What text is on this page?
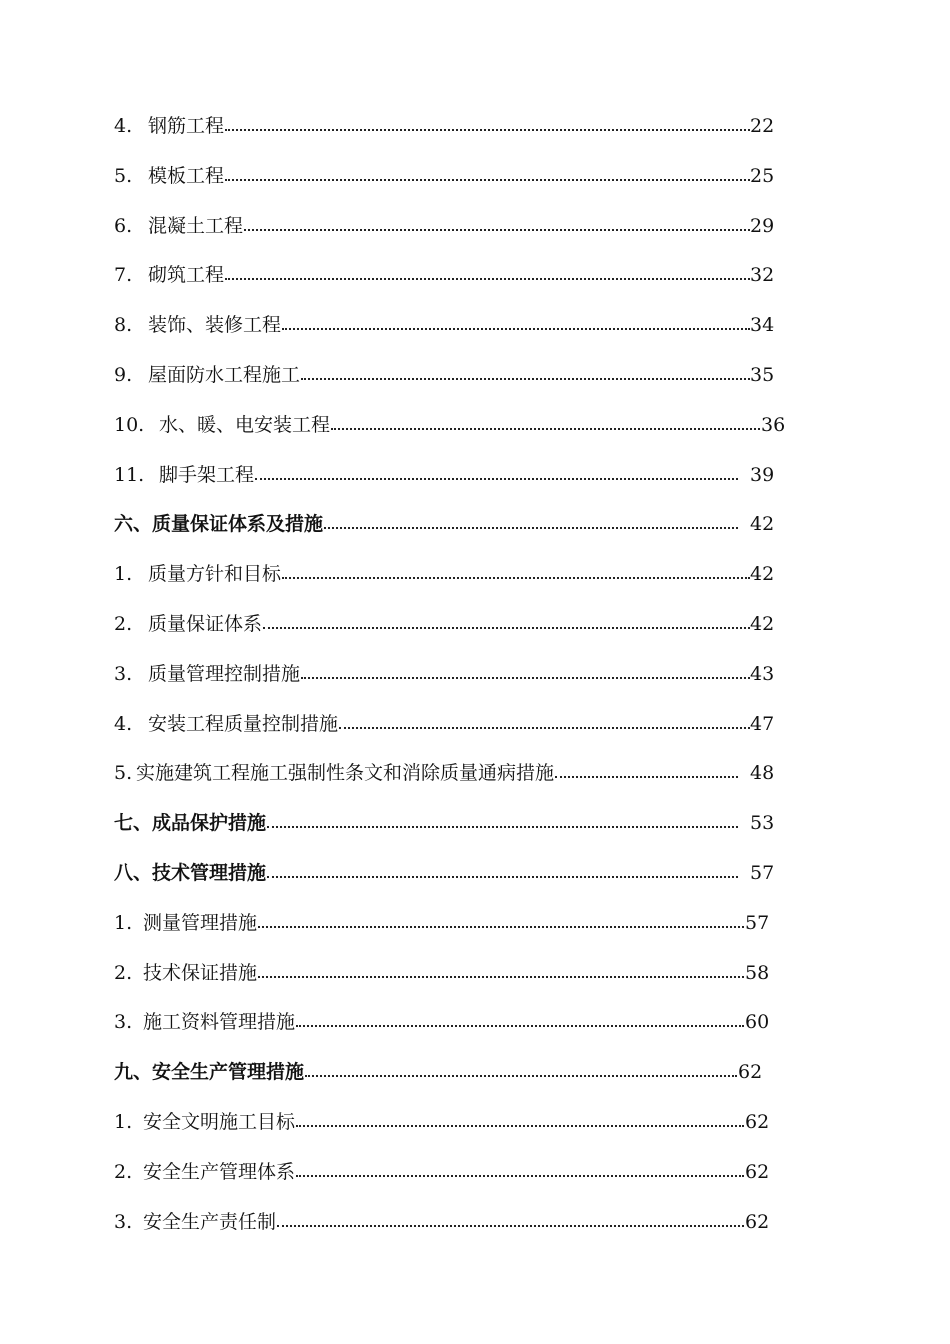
4. 钢筋工程	22
5. 模板工程	25
6. 混凝土工程	29
7. 砌筑工程	32
8. 装饰、装修工程	34
9. 屋面防水工程施工	35
10. 水、暖、电安装工程	36
11. 脚手架工程	39
六、质量保证体系及措施	42
1. 质量方针和目标	42
2. 质量保证体系	42
3. 质量管理控制措施	43
4. 安装工程质量控制措施	47
5. 实施建筑工程施工强制性条文和消除质量通病措施	48
七、成品保护措施	53
八、技术管理措施	57
1. 测量管理措施	57
2. 技术保证措施	58
3. 施工资料管理措施	60
九、安全生产管理措施	62
1. 安全文明施工目标	62
2. 安全生产管理体系	62
3. 安全生产责任制	62
